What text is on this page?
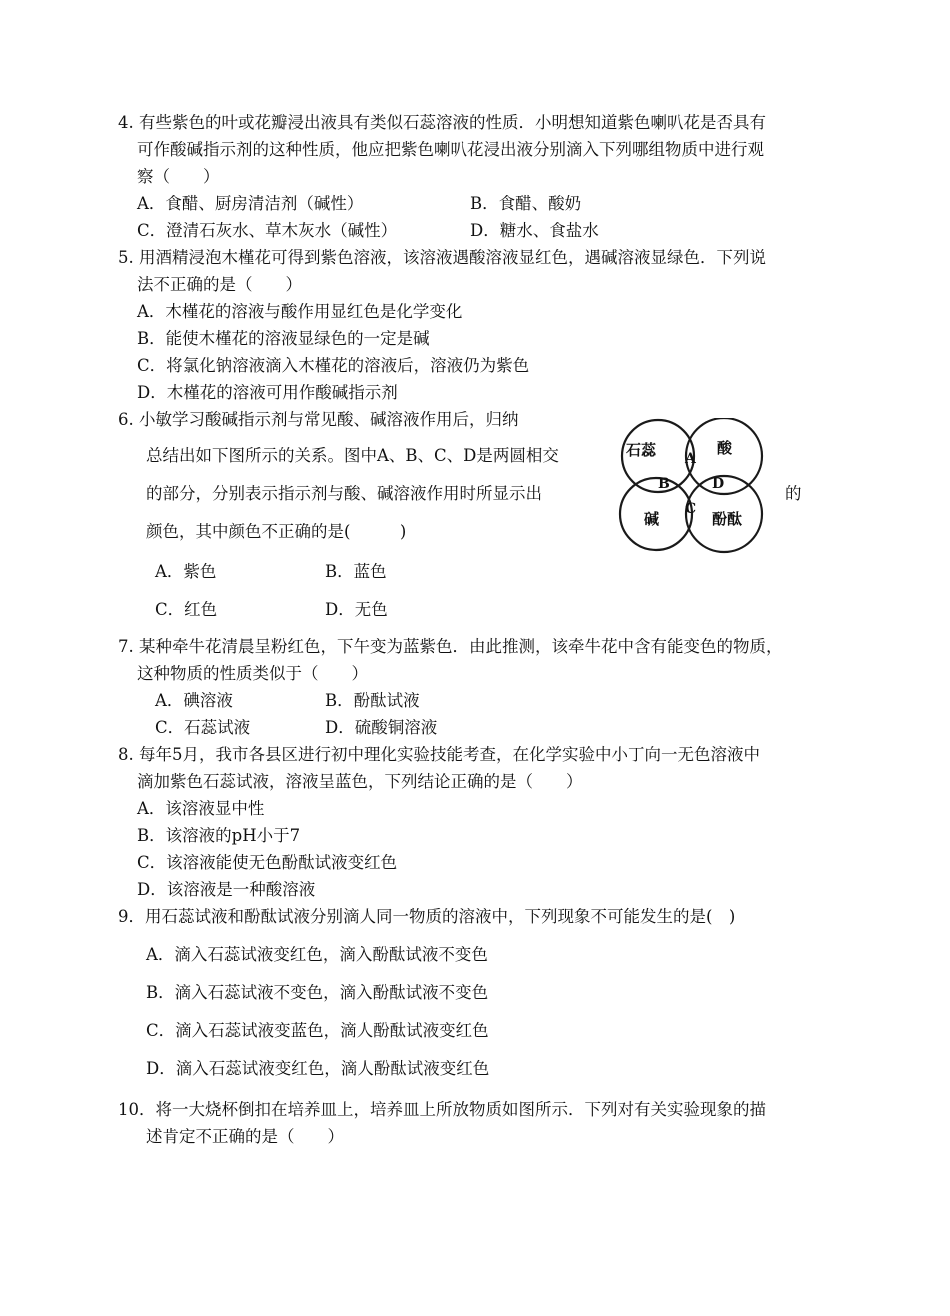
4. 有些紫色的叶或花瓣浸出液具有类似石蕊溶液的性质．小明想知道紫色喇叭花是否具有
可作酸碱指示剂的这种性质，他应把紫色喇叭花浸出液分别滴入下列哪组物质中进行观
察（　　）
A．食醋、厨房清洁剂（碱性）	B．食醋、酸奶
C．澄清石灰水、草木灰水（碱性）	D．糖水、食盐水
5. 用酒精浸泡木槿花可得到紫色溶液，该溶液遇酸溶液显红色，遇碱溶液显绿色．下列说
法不正确的是（　　）
A．木槿花的溶液与酸作用显红色是化学变化
B．能使木槿花的溶液显绿色的一定是碱
C．将氯化钠溶液滴入木槿花的溶液后，溶液仍为紫色
D．木槿花的溶液可用作酸碱指示剂
6. 小敏学习酸碱指示剂与常见酸、碱溶液作用后，归纳
总结出如下图所示的关系。图中A、B、C、D是两圆相交
的部分，分别表示指示剂与酸、碱溶液作用时所显示出	的
颜色，其中颜色不正确的是(　　　)
A．紫色	B．蓝色
C．红色	D．无色
石蕊	酸
碱	酚酞
A
B
C
D
7. 某种牵牛花清晨呈粉红色，下午变为蓝紫色．由此推测，该牵牛花中含有能变色的物质，
这种物质的性质类似于（　　）
A．碘溶液	B．酚酞试液
C．石蕊试液	D．硫酸铜溶液
8. 每年5月，我市各县区进行初中理化实验技能考查，在化学实验中小丁向一无色溶液中
滴加紫色石蕊试液，溶液呈蓝色，下列结论正确的是（　　）
A．该溶液显中性
B．该溶液的pH小于7
C．该溶液能使无色酚酞试液变红色
D．该溶液是一种酸溶液
9．用石蕊试液和酚酞试液分别滴人同一物质的溶液中，下列现象不可能发生的是(　)
A．滴入石蕊试液变红色，滴入酚酞试液不变色
B．滴入石蕊试液不变色，滴入酚酞试液不变色
C．滴入石蕊试液变蓝色，滴人酚酞试液变红色
D．滴入石蕊试液变红色，滴人酚酞试液变红色
10．将一大烧杯倒扣在培养皿上，培养皿上所放物质如图所示．下列对有关实验现象的描
述肯定不正确的是（　　）
